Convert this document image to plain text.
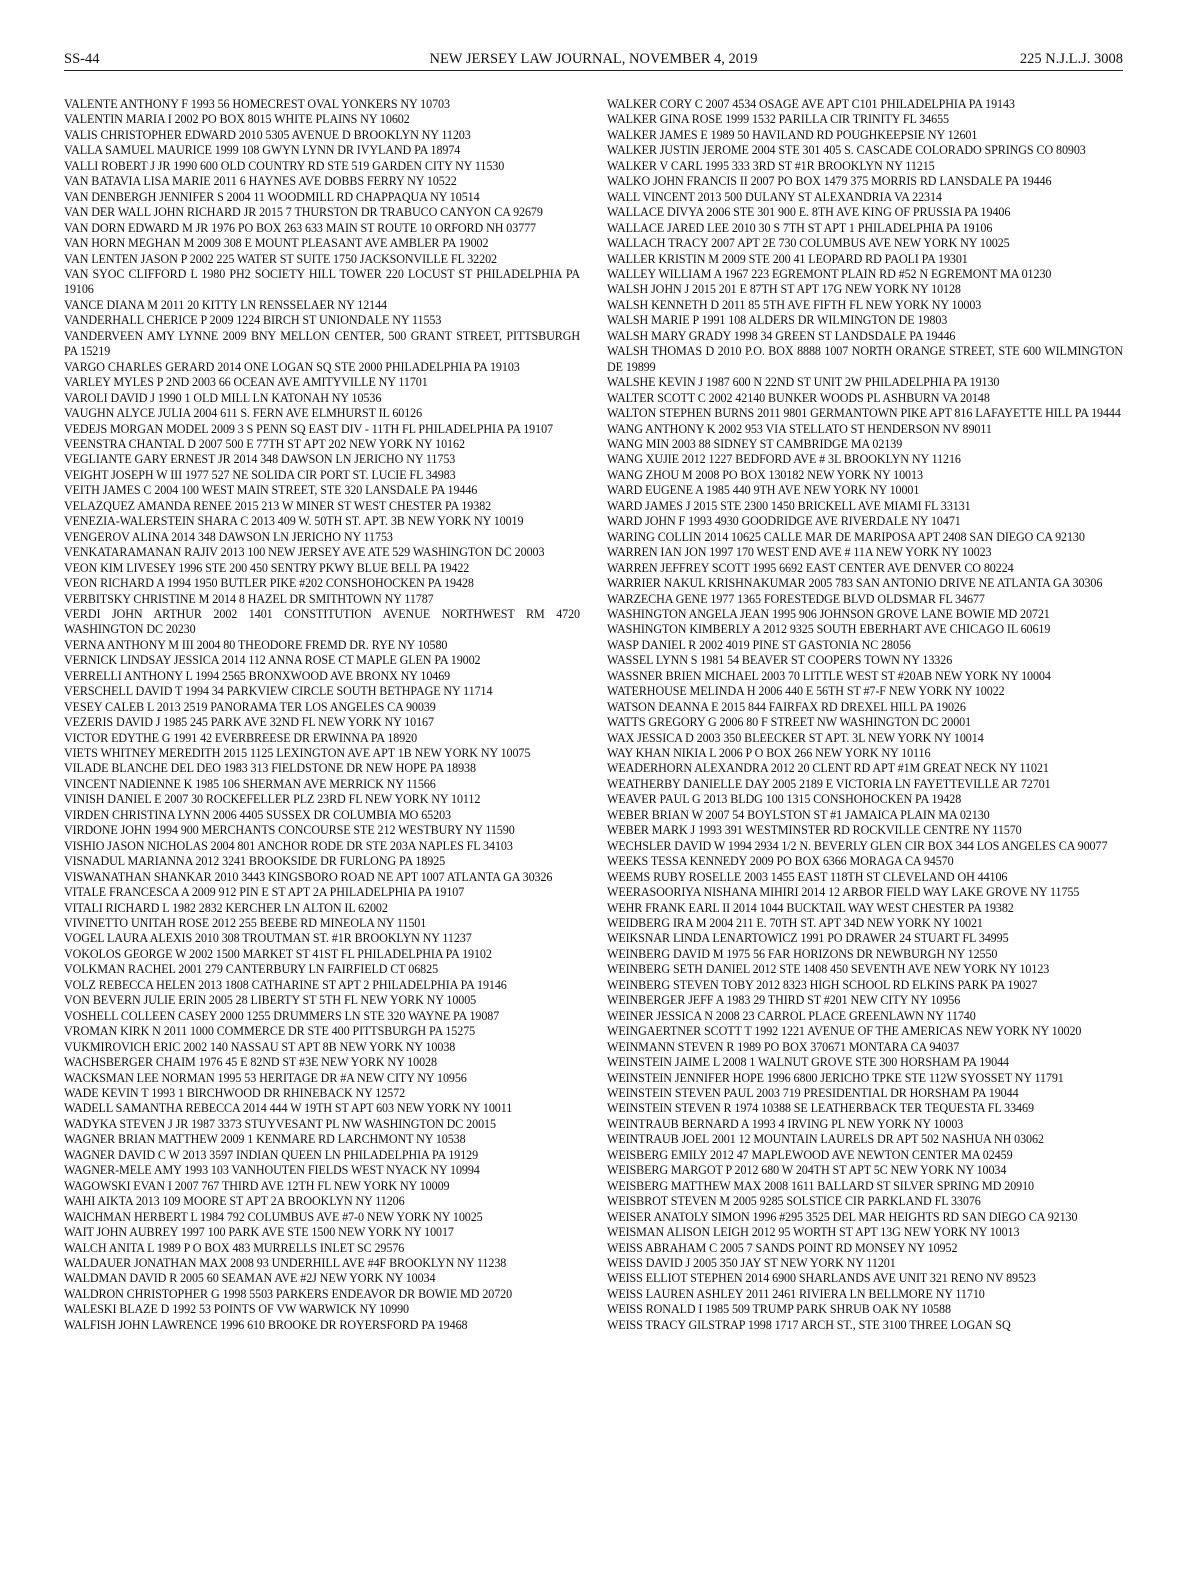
SS-44	NEW JERSEY LAW JOURNAL, NOVEMBER 4, 2019	225 N.J.L.J. 3008

VALENTE ANTHONY F 1993 56 HOMECREST OVAL YONKERS NY 10703

VALENTIN MARIA I 2002 PO BOX 8015 WHITE PLAINS NY 10602

VALIS CHRISTOPHER EDWARD 2010 5305 AVENUE D BROOKLYN NY 11203

VALLA SAMUEL MAURICE 1999 108 GWYN LYNN DR IVYLAND PA 18974

VALLI ROBERT J JR 1990 600 OLD COUNTRY RD STE 519 GARDEN CITY NY 11530

VAN BATAVIA LISA MARIE 2011 6 HAYNES AVE DOBBS FERRY NY 10522

VAN DENBERGH JENNIFER S 2004 11 WOODMILL RD CHAPPAQUA NY 10514

VAN DER WALL JOHN RICHARD JR 2015 7 THURSTON DR TRABUCO CANYON CA 92679

VAN DORN EDWARD M JR 1976 PO BOX 263 633 MAIN ST ROUTE 10 ORFORD NH 03777

VAN HORN MEGHAN M 2009 308 E MOUNT PLEASANT AVE AMBLER PA 19002

VAN LENTEN JASON P 2002 225 WATER ST SUITE 1750 JACKSONVILLE FL 32202

VAN SYOC CLIFFORD L 1980 PH2 SOCIETY HILL TOWER 220 LOCUST ST PHILADELPHIA PA 19106

VANCE DIANA M 2011 20 KITTY LN RENSSELAER NY 12144

VANDERHALL CHERICE P 2009 1224 BIRCH ST UNIONDALE NY 11553

VANDERVEEN AMY LYNNE 2009 BNY MELLON CENTER, 500 GRANT STREET, PITTSBURGH PA 15219

VARGO CHARLES GERARD 2014 ONE LOGAN SQ STE 2000 PHILADELPHIA PA 19103

VARLEY MYLES P 2ND 2003 66 OCEAN AVE AMITYVILLE NY 11701

VAROLI DAVID J 1990 1 OLD MILL LN KATONAH NY 10536

VAUGHN ALYCE JULIA 2004 611 S. FERN AVE ELMHURST IL 60126

VEDEJS MORGAN MODEL 2009 3 S PENN SQ EAST DIV - 11TH FL PHILADELPHIA PA 19107

VEENSTRA CHANTAL D 2007 500 E 77TH ST APT 202 NEW YORK NY 10162

VEGLIANTE GARY ERNEST JR 2014 348 DAWSON LN JERICHO NY 11753

VEIGHT JOSEPH W III 1977 527 NE SOLIDA CIR PORT ST. LUCIE FL 34983

VEITH JAMES C 2004 100 WEST MAIN STREET, STE 320 LANSDALE PA 19446

VELAZQUEZ AMANDA RENEE 2015 213 W MINER ST WEST CHESTER PA 19382

VENEZIA-WALERSTEIN SHARA C 2013 409 W. 50TH ST. APT. 3B NEW YORK NY 10019

VENGEROV ALINA 2014 348 DAWSON LN JERICHO NY 11753

VENKATARAMANAN RAJIV 2013 100 NEW JERSEY AVE ATE 529 WASHINGTON DC 20003

VEON KIM LIVESEY 1996 STE 200 450 SENTRY PKWY BLUE BELL PA 19422

VEON RICHARD A 1994 1950 BUTLER PIKE #202 CONSHOHOCKEN PA 19428

VERBITSKY CHRISTINE M 2014 8 HAZEL DR SMITHTOWN NY 11787

VERDI JOHN ARTHUR 2002 1401 CONSTITUTION AVENUE NORTHWEST RM 4720 WASHINGTON DC 20230

VERNA ANTHONY M III 2004 80 THEODORE FREMD DR. RYE NY 10580

VERNICK LINDSAY JESSICA 2014 112 ANNA ROSE CT MAPLE GLEN PA 19002

VERRELLI ANTHONY L 1994 2565 BRONXWOOD AVE BRONX NY 10469

VERSCHELL DAVID T 1994 34 PARKVIEW CIRCLE SOUTH BETHPAGE NY 11714

VESEY CALEB L 2013 2519 PANORAMA TER LOS ANGELES CA 90039

VEZERIS DAVID J 1985 245 PARK AVE 32ND FL NEW YORK NY 10167

VICTOR EDYTHE G 1991 42 EVERBREESE DR ERWINNA PA 18920

VIETS WHITNEY MEREDITH 2015 1125 LEXINGTON AVE APT 1B NEW YORK NY 10075

VILADE BLANCHE DEL DEO 1983 313 FIELDSTONE DR NEW HOPE PA 18938

VINCENT NADIENNE K 1985 106 SHERMAN AVE MERRICK NY 11566

VINISH DANIEL E 2007 30 ROCKEFELLER PLZ 23RD FL NEW YORK NY 10112

VIRDEN CHRISTINA LYNN 2006 4405 SUSSEX DR COLUMBIA MO 65203

VIRDONE JOHN 1994 900 MERCHANTS CONCOURSE STE 212 WESTBURY NY 11590

VISHIO JASON NICHOLAS 2004 801 ANCHOR RODE DR STE 203A NAPLES FL 34103

VISNADUL MARIANNA 2012 3241 BROOKSIDE DR FURLONG PA 18925

VISWANATHAN SHANKAR 2010 3443 KINGSBORO ROAD NE APT 1007 ATLANTA GA 30326

VITALE FRANCESCA A 2009 912 PIN E ST APT 2A PHILADELPHIA PA 19107

VITALI RICHARD L 1982 2832 KERCHER LN ALTON IL 62002

VIVINETTO UNITAH ROSE 2012 255 BEEBE RD MINEOLA NY 11501

VOGEL LAURA ALEXIS 2010 308 TROUTMAN ST. #1R BROOKLYN NY 11237

VOKOLOS GEORGE W 2002 1500 MARKET ST 41ST FL PHILADELPHIA PA 19102

VOLKMAN RACHEL 2001 279 CANTERBURY LN FAIRFIELD CT 06825

VOLZ REBECCA HELEN 2013 1808 CATHARINE ST APT 2 PHILADELPHIA PA 19146

VON BEVERN JULIE ERIN 2005 28 LIBERTY ST 5TH FL NEW YORK NY 10005

VOSHELL COLLEEN CASEY 2000 1255 DRUMMERS LN STE 320 WAYNE PA 19087

VROMAN KIRK N 2011 1000 COMMERCE DR STE 400 PITTSBURGH PA 15275

VUKMIROVICH ERIC 2002 140 NASSAU ST APT 8B NEW YORK NY 10038

WACHSBERGER CHAIM 1976 45 E 82ND ST #3E NEW YORK NY 10028

WACKSMAN LEE NORMAN 1995 53 HERITAGE DR #A NEW CITY NY 10956

WADE KEVIN T 1993 1 BIRCHWOOD DR RHINEBACK NY 12572

WADELL SAMANTHA REBECCA 2014 444 W 19TH ST APT 603 NEW YORK NY 10011

WADYKA STEVEN J JR 1987 3373 STUYVESANT PL NW WASHINGTON DC 20015

WAGNER BRIAN MATTHEW 2009 1 KENMARE RD LARCHMONT NY 10538

WAGNER DAVID C W 2013 3597 INDIAN QUEEN LN PHILADELPHIA PA 19129

WAGNER-MELE AMY 1993 103 VANHOUTEN FIELDS WEST NYACK NY 10994

WAGOWSKI EVAN I 2007 767 THIRD AVE 12TH FL NEW YORK NY 10009

WAHI AIKTA 2013 109 MOORE ST APT 2A BROOKLYN NY 11206

WAICHMAN HERBERT L 1984 792 COLUMBUS AVE #7-0 NEW YORK NY 10025

WAIT JOHN AUBREY 1997 100 PARK AVE STE 1500 NEW YORK NY 10017

WALCH ANITA L 1989 P O BOX 483 MURRELLS INLET SC 29576

WALDAUER JONATHAN MAX 2008 93 UNDERHILL AVE #4F BROOKLYN NY 11238

WALDMAN DAVID R 2005 60 SEAMAN AVE #2J NEW YORK NY 10034

WALDRON CHRISTOPHER G 1998 5503 PARKERS ENDEAVOR DR BOWIE MD 20720

WALESKI BLAZE D 1992 53 POINTS OF VW WARWICK NY 10990

WALFISH JOHN LAWRENCE 1996 610 BROOKE DR ROYERSFORD PA 19468

WALKER CORY C 2007 4534 OSAGE AVE APT C101 PHILADELPHIA PA 19143

WALKER GINA ROSE 1999 1532 PARILLA CIR TRINITY FL 34655

WALKER JAMES E 1989 50 HAVILAND RD POUGHKEEPSIE NY 12601

WALKER JUSTIN JEROME 2004 STE 301 405 S. CASCADE COLORADO SPRINGS CO 80903

WALKER V CARL 1995 333 3RD ST #1R BROOKLYN NY 11215

WALKO JOHN FRANCIS II 2007 PO BOX 1479 375 MORRIS RD LANSDALE PA 19446

WALL VINCENT 2013 500 DULANY ST ALEXANDRIA VA 22314

WALLACE DIVYA 2006 STE 301 900 E. 8TH AVE KING OF PRUSSIA PA 19406

WALLACE JARED LEE 2010 30 S 7TH ST APT 1 PHILADELPHIA PA 19106

WALLACH TRACY 2007 APT 2E 730 COLUMBUS AVE NEW YORK NY 10025

WALLER KRISTIN M 2009 STE 200 41 LEOPARD RD PAOLI PA 19301

WALLEY WILLIAM A 1967 223 EGREMONT PLAIN RD #52 N EGREMONT MA 01230

WALSH JOHN J 2015 201 E 87TH ST APT 17G NEW YORK NY 10128

WALSH KENNETH D 2011 85 5TH AVE FIFTH FL NEW YORK NY 10003

WALSH MARIE P 1991 108 ALDERS DR WILMINGTON DE 19803

WALSH MARY GRADY 1998 34 GREEN ST LANDSDALE PA 19446

WALSH THOMAS D 2010 P.O. BOX 8888 1007 NORTH ORANGE STREET, STE 600 WILMINGTON DE 19899

WALSHE KEVIN J 1987 600 N 22ND ST UNIT 2W PHILADELPHIA PA 19130

WALTER SCOTT C 2002 42140 BUNKER WOODS PL ASHBURN VA 20148

WALTON STEPHEN BURNS 2011 9801 GERMANTOWN PIKE APT 816 LAFAYETTE HILL PA 19444

WANG ANTHONY K 2002 953 VIA STELLATO ST HENDERSON NV 89011

WANG MIN 2003 88 SIDNEY ST CAMBRIDGE MA 02139

WANG XUJIE 2012 1227 BEDFORD AVE # 3L BROOKLYN NY 11216

WANG ZHOU M 2008 PO BOX 130182 NEW YORK NY 10013

WARD EUGENE A 1985 440 9TH AVE NEW YORK NY 10001

WARD JAMES J 2015 STE 2300 1450 BRICKELL AVE MIAMI FL 33131

WARD JOHN F 1993 4930 GOODRIDGE AVE RIVERDALE NY 10471

WARING COLLIN 2014 10625 CALLE MAR DE MARIPOSA APT 2408 SAN DIEGO CA 92130

WARREN IAN JON 1997 170 WEST END AVE # 11A NEW YORK NY 10023

WARREN JEFFREY SCOTT 1995 6692 EAST CENTER AVE DENVER CO 80224

WARRIER NAKUL KRISHNAKUMAR 2005 783 SAN ANTONIO DRIVE NE ATLANTA GA 30306

WARZECHA GENE 1977 1365 FORESTEDGE BLVD OLDSMAR FL 34677

WASHINGTON ANGELA JEAN 1995 906 JOHNSON GROVE LANE BOWIE MD 20721

WASHINGTON KIMBERLY A 2012 9325 SOUTH EBERHART AVE CHICAGO IL 60619

WASP DANIEL R 2002 4019 PINE ST GASTONIA NC 28056

WASSEL LYNN S 1981 54 BEAVER ST COOPERS TOWN NY 13326

WASSNER BRIEN MICHAEL 2003 70 LITTLE WEST ST #20AB NEW YORK NY 10004

WATERHOUSE MELINDA H 2006 440 E 56TH ST #7-F NEW YORK NY 10022

WATSON DEANNA E 2015 844 FAIRFAX RD DREXEL HILL PA 19026

WATTS GREGORY G 2006 80 F STREET NW WASHINGTON DC 20001

WAX JESSICA D 2003 350 BLEECKER ST APT. 3L NEW YORK NY 10014

WAY KHAN NIKIA L 2006 P O BOX 266 NEW YORK NY 10116

WEADERHORN ALEXANDRA 2012 20 CLENT RD APT #1M GREAT NECK NY 11021

WEATHERBY DANIELLE DAY 2005 2189 E VICTORIA LN FAYETTEVILLE AR 72701

WEAVER PAUL G 2013 BLDG 100 1315 CONSHOHOCKEN PA 19428

WEBER BRIAN W 2007 54 BOYLSTON ST #1 JAMAICA PLAIN MA 02130

WEBER MARK J 1993 391 WESTMINSTER RD ROCKVILLE CENTRE NY 11570

WECHSLER DAVID W 1994 2934 1/2 N. BEVERLY GLEN CIR BOX 344 LOS ANGELES CA 90077

WEEKS TESSA KENNEDY 2009 PO BOX 6366 MORAGA CA 94570

WEEMS RUBY ROSELLE 2003 1455 EAST 118TH ST CLEVELAND OH 44106

WEERASOORIYA NISHANA MIHIRI 2014 12 ARBOR FIELD WAY LAKE GROVE NY 11755

WEHR FRANK EARL II 2014 1044 BUCKTAIL WAY WEST CHESTER PA 19382

WEIDBERG IRA M 2004 211 E. 70TH ST. APT 34D NEW YORK NY 10021

WEIKSNAR LINDA LENARTOWICZ 1991 PO DRAWER 24 STUART FL 34995

WEINBERG DAVID M 1975 56 FAR HORIZONS DR NEWBURGH NY 12550

WEINBERG SETH DANIEL 2012 STE 1408 450 SEVENTH AVE NEW YORK NY 10123

WEINBERG STEVEN TOBY 2012 8323 HIGH SCHOOL RD ELKINS PARK PA 19027

WEINBERGER JEFF A 1983 29 THIRD ST #201 NEW CITY NY 10956

WEINER JESSICA N 2008 23 CARROL PLACE GREENLAWN NY 11740

WEINGAERTNER SCOTT T 1992 1221 AVENUE OF THE AMERICAS NEW YORK NY 10020

WEINMANN STEVEN R 1989 PO BOX 370671 MONTARA CA 94037

WEINSTEIN JAIME L 2008 1 WALNUT GROVE STE 300 HORSHAM PA 19044

WEINSTEIN JENNIFER HOPE 1996 6800 JERICHO TPKE STE 112W SYOSSET NY 11791

WEINSTEIN STEVEN PAUL 2003 719 PRESIDENTIAL DR HORSHAM PA 19044

WEINSTEIN STEVEN R 1974 10388 SE LEATHERBACK TER TEQUESTA FL 33469

WEINTRAUB BERNARD A 1993 4 IRVING PL NEW YORK NY 10003

WEINTRAUB JOEL 2001 12 MOUNTAIN LAURELS DR APT 502 NASHUA NH 03062

WEISBERG EMILY 2012 47 MAPLEWOOD AVE NEWTON CENTER MA 02459

WEISBERG MARGOT P 2012 680 W 204TH ST APT 5C NEW YORK NY 10034

WEISBERG MATTHEW MAX 2008 1611 BALLARD ST SILVER SPRING MD 20910

WEISBROT STEVEN M 2005 9285 SOLSTICE CIR PARKLAND FL 33076

WEISER ANATOLY SIMON 1996 #295 3525 DEL MAR HEIGHTS RD SAN DIEGO CA 92130

WEISMAN ALISON LEIGH 2012 95 WORTH ST APT 13G NEW YORK NY 10013

WEISS ABRAHAM C 2005 7 SANDS POINT RD MONSEY NY 10952

WEISS DAVID J 2005 350 JAY ST NEW YORK NY 11201

WEISS ELLIOT STEPHEN 2014 6900 SHARLANDS AVE UNIT 321 RENO NV 89523

WEISS LAUREN ASHLEY 2011 2461 RIVIERA LN BELLMORE NY 11710

WEISS RONALD I 1985 509 TRUMP PARK SHRUB OAK NY 10588

WEISS TRACY GILSTRAP 1998 1717 ARCH ST., STE 3100 THREE LOGAN SQ
